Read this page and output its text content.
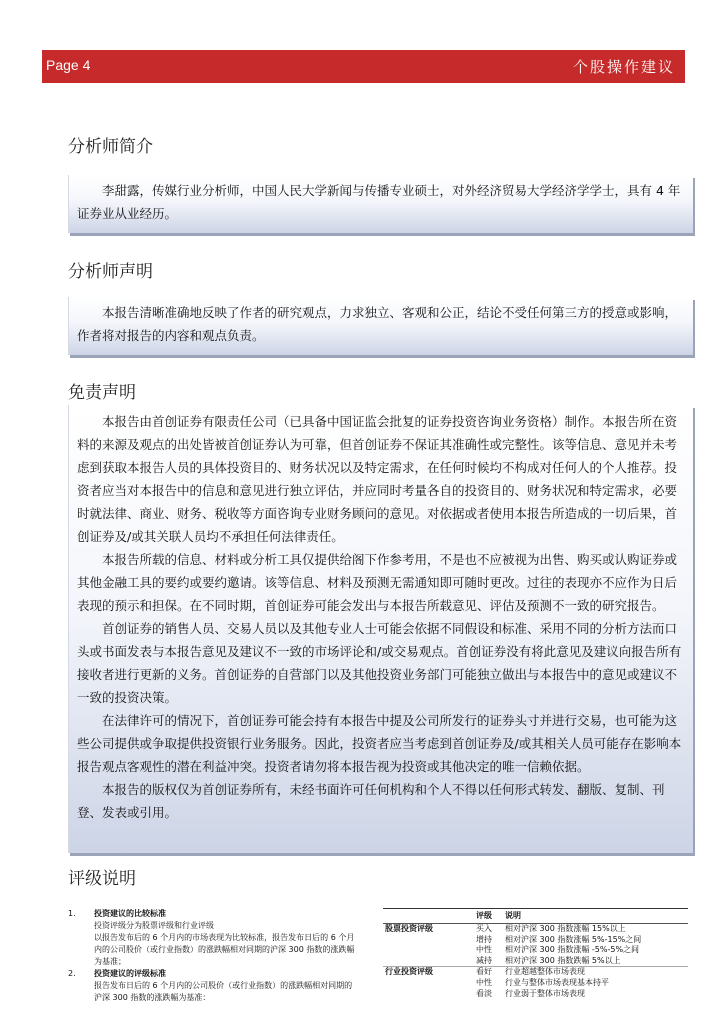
Page 4	个股操作建议
分析师简介

李甜露，传媒行业分析师，中国人民大学新闻与传播专业硕士，对外经济贸易大学经济学学士，具有 4 年证券业从业经历。

分析师声明

本报告清晰准确地反映了作者的研究观点，力求独立、客观和公正，结论不受任何第三方的授意或影响，作者将对报告的内容和观点负责。

免责声明

本报告由首创证券有限责任公司（已具备中国证监会批复的证券投资咨询业务资格）制作。本报告所在资料的来源及观点的出处皆被首创证券认为可靠，但首创证券不保证其准确性或完整性。该等信息、意见并未考虑到获取本报告人员的具体投资目的、财务状况以及特定需求，在任何时候均不构成对任何人的个人推荐。投资者应当对本报告中的信息和意见进行独立评估，并应同时考量各自的投资目的、财务状况和特定需求，必要时就法律、商业、财务、税收等方面咨询专业财务顾问的意见。对依据或者使用本报告所造成的一切后果，首创证券及/或其关联人员均不承担任何法律责任。

本报告所载的信息、材料或分析工具仅提供给阁下作参考用，不是也不应被视为出售、购买或认购证券或其他金融工具的要约或要约邀请。该等信息、材料及预测无需通知即可随时更改。过往的表现亦不应作为日后表现的预示和担保。在不同时期，首创证券可能会发出与本报告所载意见、评估及预测不一致的研究报告。

首创证券的销售人员、交易人员以及其他专业人士可能会依据不同假设和标准、采用不同的分析方法而口头或书面发表与本报告意见及建议不一致的市场评论和/或交易观点。首创证券没有将此意见及建议向报告所有接收者进行更新的义务。首创证券的自营部门以及其他投资业务部门可能独立做出与本报告中的意见或建议不一致的投资决策。

在法律许可的情况下，首创证券可能会持有本报告中提及公司所发行的证券头寸并进行交易，也可能为这些公司提供或争取提供投资银行业务服务。因此，投资者应当考虑到首创证券及/或其相关人员可能存在影响本报告观点客观性的潜在利益冲突。投资者请勿将本报告视为投资或其他决定的唯一信赖依据。

本报告的版权仅为首创证券所有，未经书面许可任何机构和个人不得以任何形式转发、翻版、复制、刊登、发表或引用。

评级说明
1.	投资建议的比较标准
投资评级分为股票评级和行业评级
以报告发布后的 6 个月内的市场表现为比较标准，报告发布日后的 6 个月内的公司股价（或行业指数）的涨跌幅相对同期的沪深 300 指数的涨跌幅为基准；
2.	投资建议的评级标准
报告发布日后的 6 个月内的公司股价（或行业指数）的涨跌幅相对同期的沪深 300 指数的涨跌幅为基准：
	评级	说明
股票投资评级	买入	相对沪深 300 指数涨幅 15%以上
	增持	相对沪深 300 指数涨幅 5%-15%之间
	中性	相对沪深 300 指数涨幅 -5%-5%之间
	减持	相对沪深 300 指数跌幅 5%以上
行业投资评级	看好	行业超越整体市场表现
	中性	行业与整体市场表现基本持平
	看淡	行业弱于整体市场表现
